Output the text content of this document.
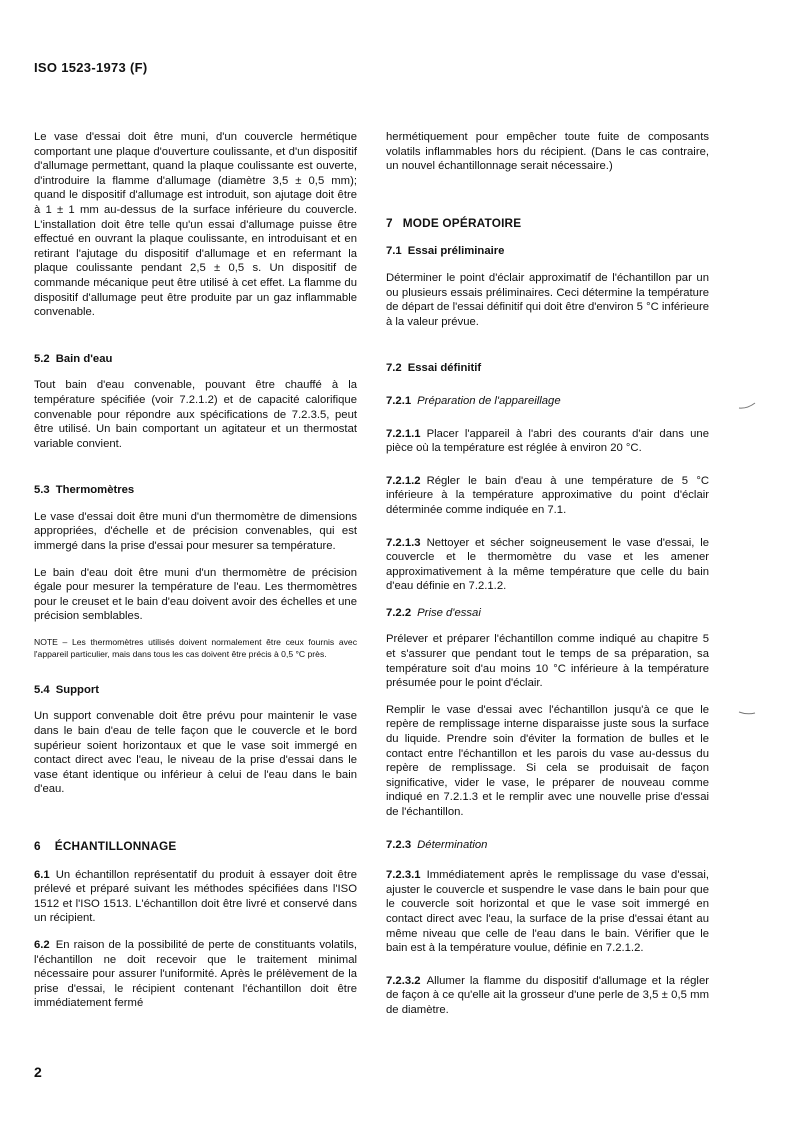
ISO 1523-1973 (F)

Le vase d'essai doit être muni, d'un couvercle hermétique comportant une plaque d'ouverture coulissante, et d'un dispositif d'allumage permettant, quand la plaque coulissante est ouverte, d'introduire la flamme d'allumage (diamètre 3,5 ± 0,5 mm); quand le dispositif d'allumage est introduit, son ajutage doit être à 1 ± 1 mm au-dessus de la surface inférieure du couvercle. L'installation doit être telle qu'un essai d'allumage puisse être effectué en ouvrant la plaque coulissante, en introduisant et en retirant l'ajutage du dispositif d'allumage et en refermant la plaque coulissante pendant 2,5 ± 0,5 s. Un dispositif de commande mécanique peut être utilisé à cet effet. La flamme du dispositif d'allumage peut être produite par un gaz inflammable convenable.

5.2 Bain d'eau

Tout bain d'eau convenable, pouvant être chauffé à la température spécifiée (voir 7.2.1.2) et de capacité calorifique convenable pour répondre aux spécifications de 7.2.3.5, peut être utilisé. Un bain comportant un agitateur et un thermostat variable convient.

5.3 Thermomètres

Le vase d'essai doit être muni d'un thermomètre de dimensions appropriées, d'échelle et de précision convenables, qui est immergé dans la prise d'essai pour mesurer sa température.

Le bain d'eau doit être muni d'un thermomètre de précision égale pour mesurer la température de l'eau. Les thermomètres pour le creuset et le bain d'eau doivent avoir des échelles et une précision semblables.

NOTE – Les thermomètres utilisés doivent normalement être ceux fournis avec l'appareil particulier, mais dans tous les cas doivent être précis à 0,5 °C près.

5.4 Support

Un support convenable doit être prévu pour maintenir le vase dans le bain d'eau de telle façon que le couvercle et le bord supérieur soient horizontaux et que le vase soit immergé en contact direct avec l'eau, le niveau de la prise d'essai dans le vase étant identique ou inférieur à celui de l'eau dans le bain d'eau.

6 ÉCHANTILLONNAGE

6.1 Un échantillon représentatif du produit à essayer doit être prélevé et préparé suivant les méthodes spécifiées dans l'ISO 1512 et l'ISO 1513. L'échantillon doit être livré et conservé dans un récipient.

6.2 En raison de la possibilité de perte de constituants volatils, l'échantillon ne doit recevoir que le traitement minimal nécessaire pour assurer l'uniformité. Après le prélèvement de la prise d'essai, le récipient contenant l'échantillon doit être immédiatement fermé

hermétiquement pour empêcher toute fuite de composants volatils inflammables hors du récipient. (Dans le cas contraire, un nouvel échantillonnage serait nécessaire.)

7 MODE OPÉRATOIRE
7.1 Essai préliminaire

Déterminer le point d'éclair approximatif de l'échantillon par un ou plusieurs essais préliminaires. Ceci détermine la température de départ de l'essai définitif qui doit être d'environ 5 °C inférieure à la valeur prévue.

7.2 Essai définitif
7.2.1 Préparation de l'appareillage

7.2.1.1 Placer l'appareil à l'abri des courants d'air dans une pièce où la température est réglée à environ 20 °C.

7.2.1.2 Régler le bain d'eau à une température de 5 °C inférieure à la température approximative du point d'éclair déterminée comme indiquée en 7.1.

7.2.1.3 Nettoyer et sécher soigneusement le vase d'essai, le couvercle et le thermomètre du vase et les amener approximativement à la même température que celle du bain d'eau définie en 7.2.1.2.

7.2.2 Prise d'essai

Prélever et préparer l'échantillon comme indiqué au chapitre 5 et s'assurer que pendant tout le temps de sa préparation, sa température soit d'au moins 10 °C inférieure à la température présumée pour le point d'éclair.

Remplir le vase d'essai avec l'échantillon jusqu'à ce que le repère de remplissage interne disparaisse juste sous la surface du liquide. Prendre soin d'éviter la formation de bulles et le contact entre l'échantillon et les parois du vase au-dessus du repère de remplissage. Si cela se produisait de façon significative, vider le vase, le préparer de nouveau comme indiqué en 7.2.1.3 et le remplir avec une nouvelle prise d'essai de l'échantillon.

7.2.3 Détermination

7.2.3.1 Immédiatement après le remplissage du vase d'essai, ajuster le couvercle et suspendre le vase dans le bain pour que le couvercle soit horizontal et que le vase soit immergé en contact direct avec l'eau, la surface de la prise d'essai étant au même niveau que celle de l'eau dans le bain. Vérifier que le bain est à la température voulue, définie en 7.2.1.2.

7.2.3.2 Allumer la flamme du dispositif d'allumage et la régler de façon à ce qu'elle ait la grosseur d'une perle de 3,5 ± 0,5 mm de diamètre.

2
